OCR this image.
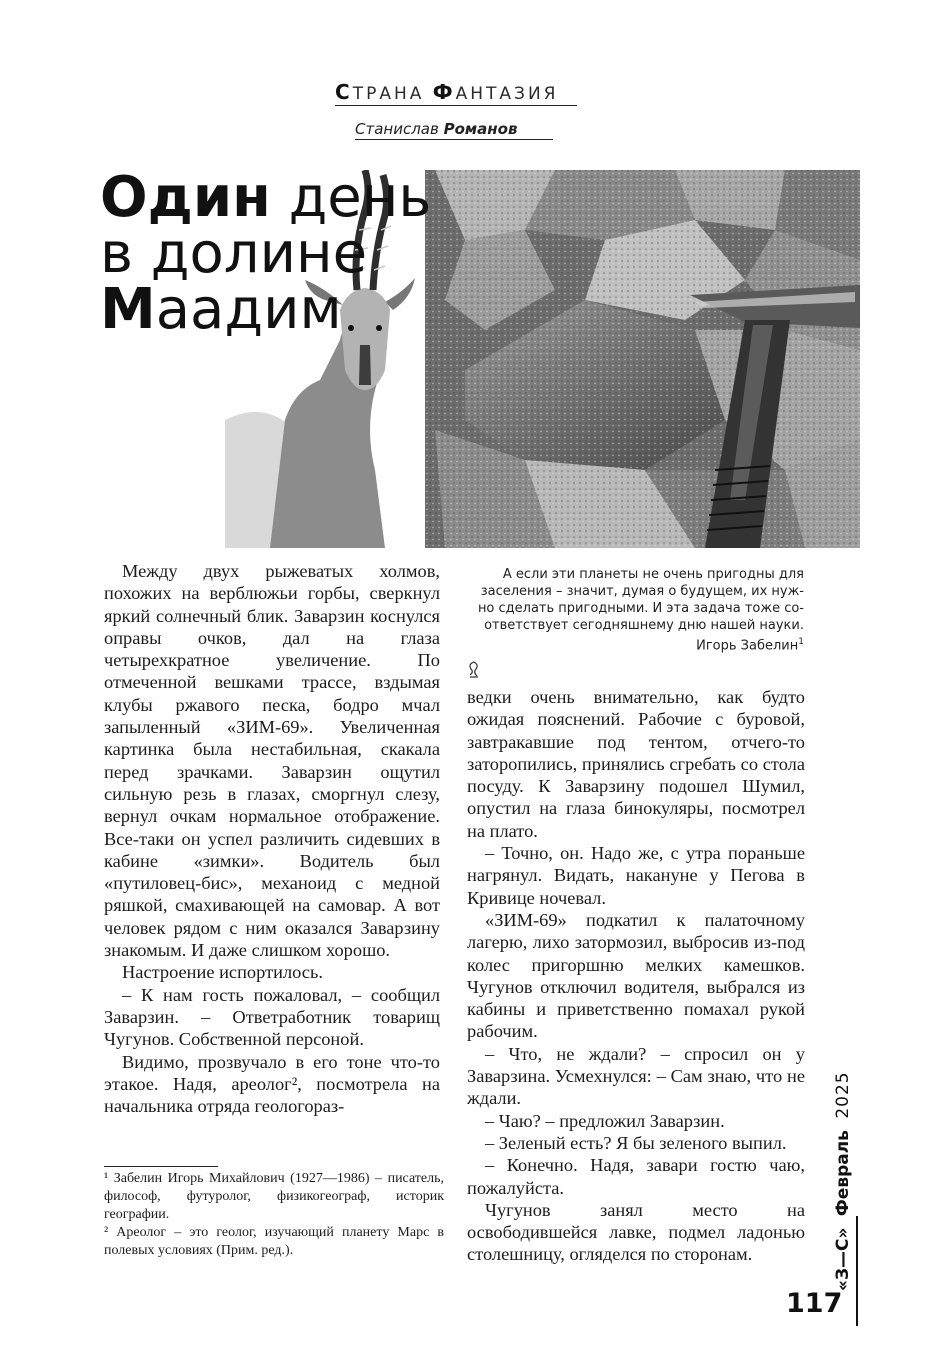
СТРАНА ФАНТАЗИЯ
Станислав Романов
Один день
в долине
Маадим
А если эти планеты не очень пригодны для
заселения – значит, думая о будущем, их нуж-
но сделать пригодными. И эта задача тоже со-
ответствует сегодняшнему дню нашей науки.
Игорь Забелин$^1$

Между двух рыжеватых холмов, похожих на верблюжьи горбы, сверкнул яркий солнечный блик. Заварзин коснулся оправы очков, дал на глаза четырехкратное увеличение. По отмеченной вешками трассе, вздымая клубы ржавого песка, бодро мчал запыленный «ЗИМ-69». Увеличенная картинка была нестабильная, скакала перед зрачками. Заварзин ощутил сильную резь в глазах, сморгнул слезу, вернул очкам нормальное отображение. Все-таки он успел различить сидевших в кабине «зимки». Водитель был «путиловец-бис», механоид с медной ряшкой, смахивающей на самовар. А вот человек рядом с ним оказался Заварзину знакомым. И даже слишком хорошо.

Настроение испортилось.

– К нам гость пожаловал, – сообщил Заварзин. – Ответработник товарищ Чугунов. Собственной персоной.

Видимо, прозвучало в его тоне что-то этакое. Надя, ареолог², посмотрела на начальника отряда геологораз-

ведки очень внимательно, как будто ожидая пояснений. Рабочие с буровой, завтракавшие под тентом, отчего-то заторопились, принялись сгребать со стола посуду. К Заварзину подошел Шумил, опустил на глаза бинокуляры, посмотрел на плато.

– Точно, он. Надо же, с утра пораньше нагрянул. Видать, накануне у Пегова в Кривице ночевал.

«ЗИМ-69» подкатил к палаточному лагерю, лихо затормозил, выбросив из-под колес пригоршню мелких камешков. Чугунов отключил водителя, выбрался из кабины и приветственно помахал рукой рабочим.

– Что, не ждали? – спросил он у Заварзина. Усмехнулся: – Сам знаю, что не ждали.

– Чаю? – предложил Заварзин.

– Зеленый есть? Я бы зеленого выпил.

– Конечно. Надя, завари гостю чаю, пожалуйста.

Чугунов занял место на освободившейся лавке, подмел ладонью столешницу, огляделся по сторонам.

¹ Забелин Игорь Михайлович (1927—1986) – писатель, философ, футуролог, физикогеограф, историк географии.

² Ареолог – это геолог, изучающий планету Марс в полевых условиях (Прим. ред.).	«З—С» Февраль 2025
117
